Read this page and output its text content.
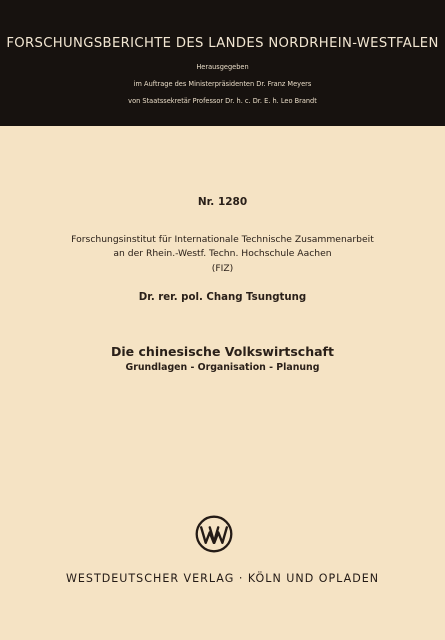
FORSCHUNGSBERICHTE DES LANDES NORDRHEIN-WESTFALEN
Herausgegeben
im Auftrage des Ministerpräsidenten Dr. Franz Meyers
von Staatssekretär Professor Dr. h. c. Dr. E. h. Leo Brandt
Nr. 1280
Forschungsinstitut für Internationale Technische Zusammenarbeit
an der Rhein.-Westf. Techn. Hochschule Aachen
(FIZ)
Dr. rer. pol. Chang Tsungtung
Die chinesische Volkswirtschaft
Grundlagen - Organisation - Planung
WESTDEUTSCHER VERLAG · KÖLN UND OPLADEN
